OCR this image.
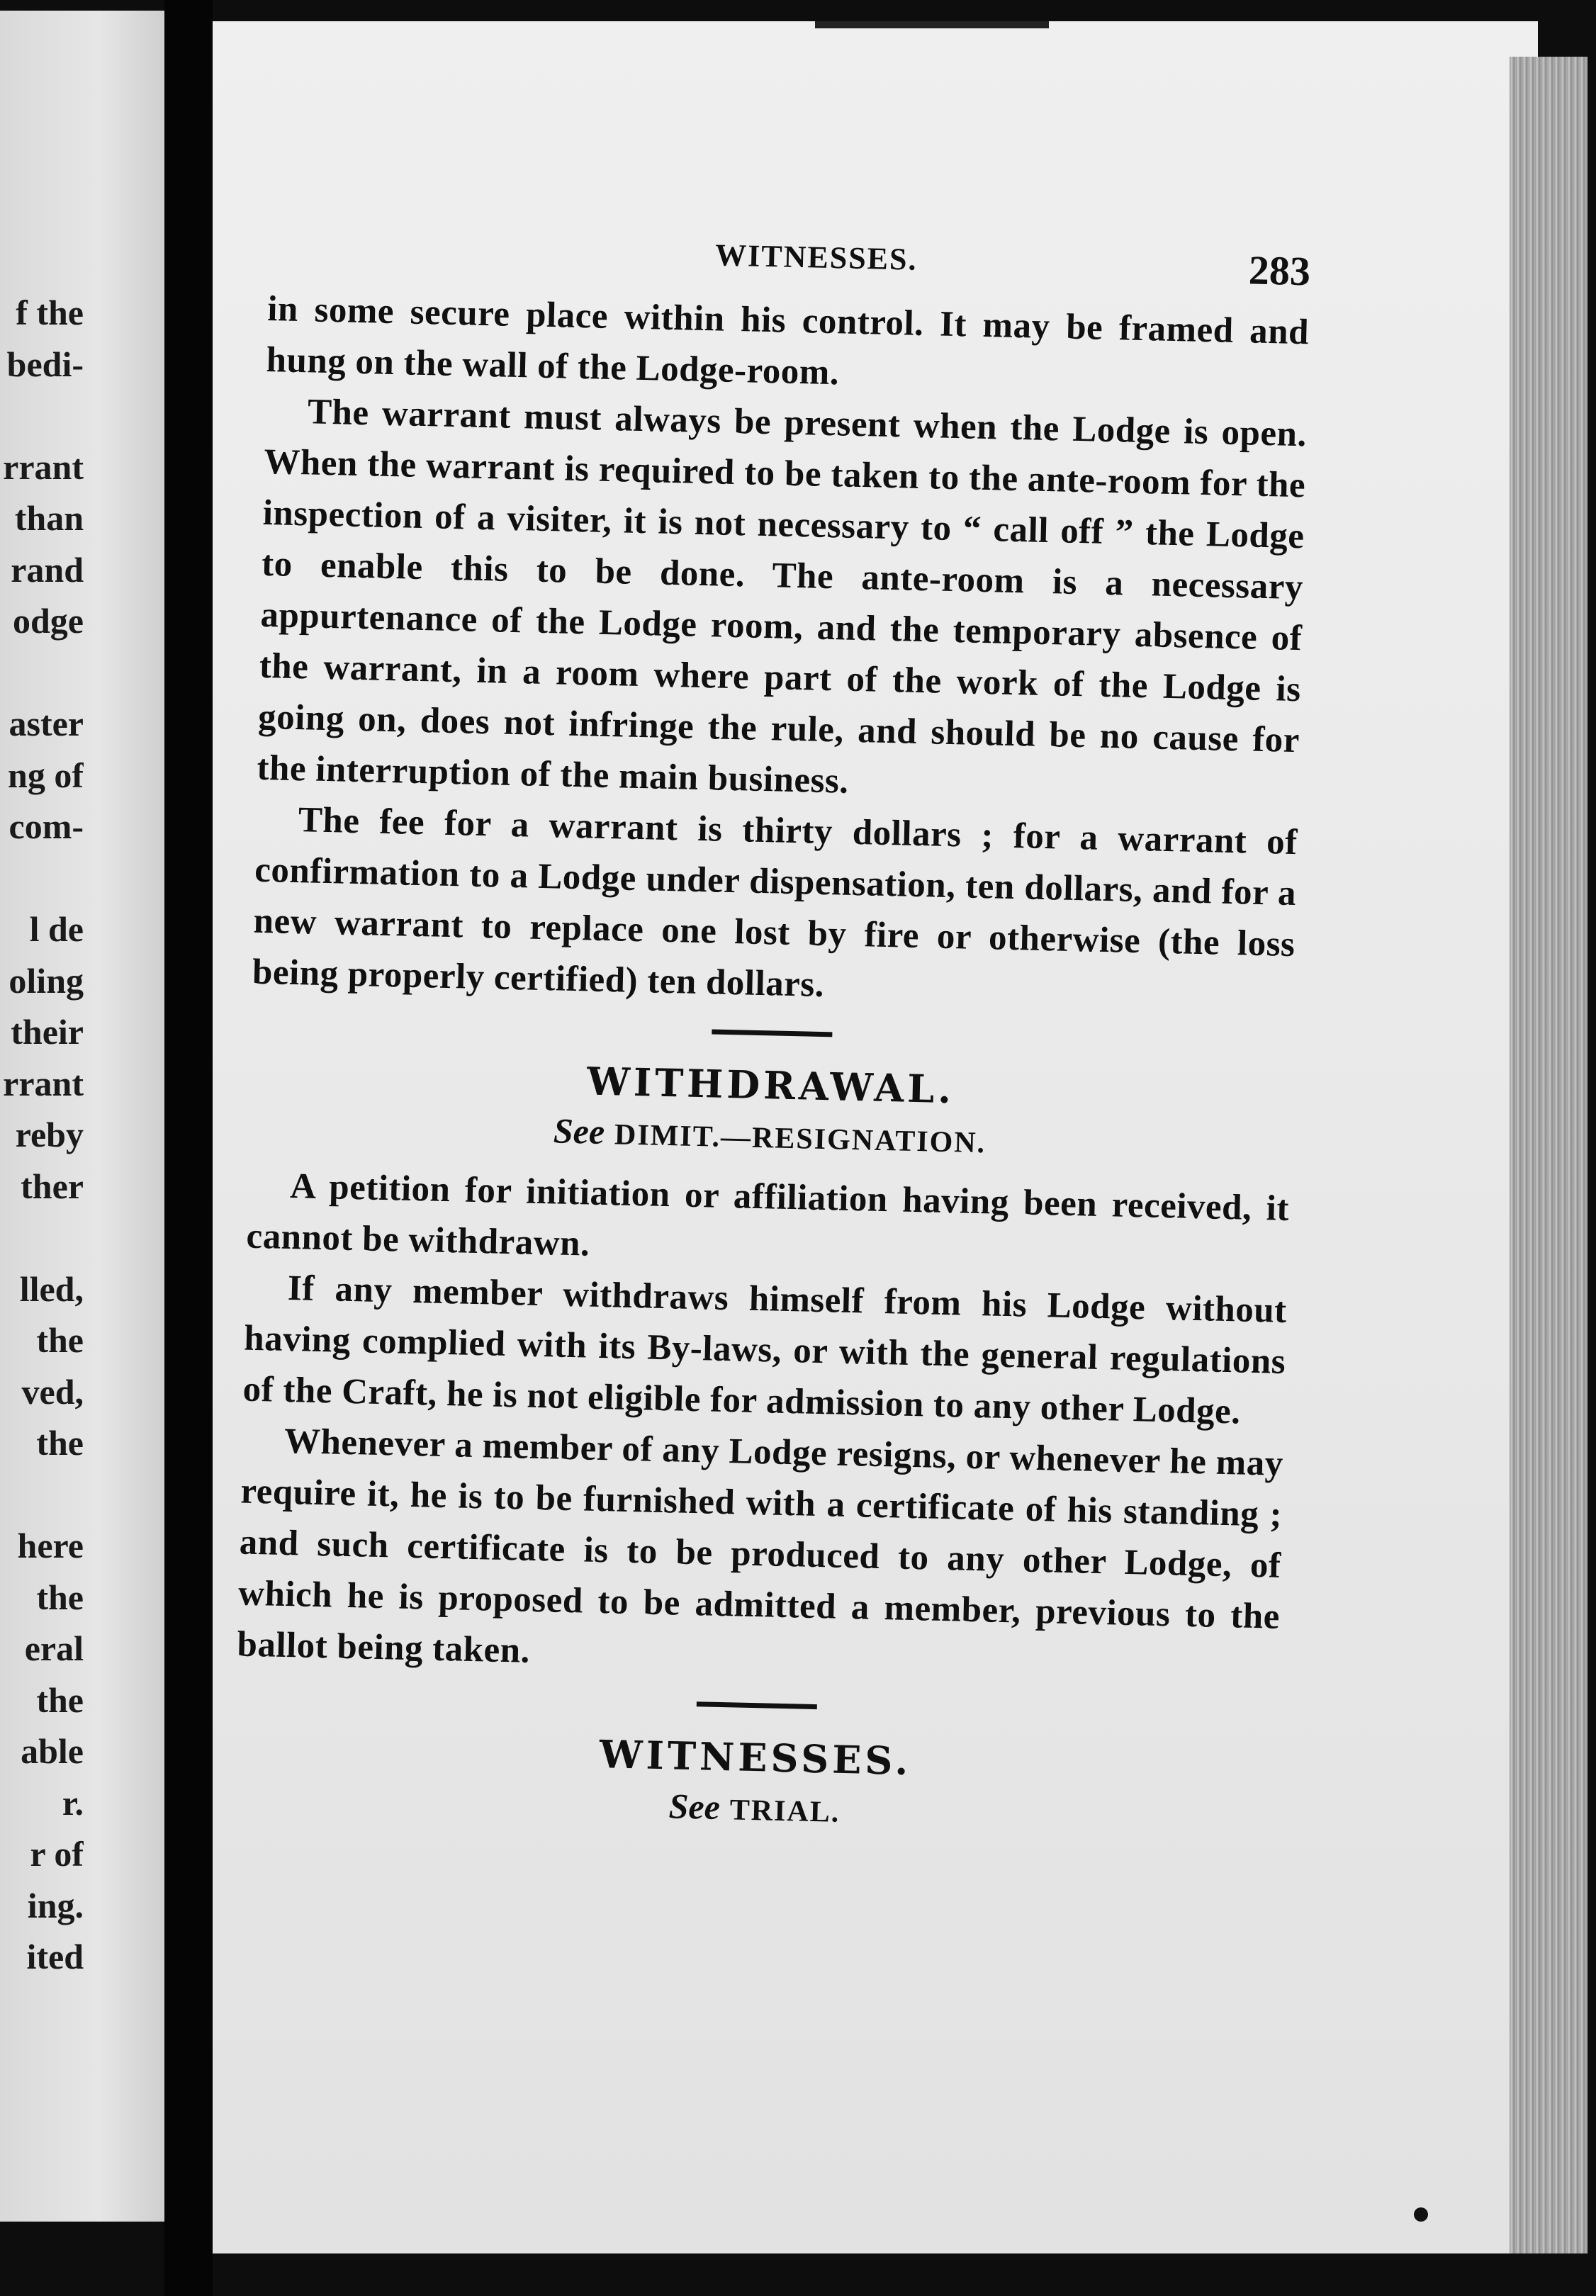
f the
bedi-
rrant
than
rand
odge
aster
ng of
com-
l de
oling
their
rrant
reby
ther
lled,
the
ved,
the
here
the
eral
the
able
r.
r of
ing.
ited
WITNESSES.	283

in some secure place within his control. It may be framed and hung on the wall of the Lodge-room.

The warrant must always be present when the Lodge is open. When the warrant is required to be taken to the ante-room for the inspection of a visiter, it is not necessary to “ call off ” the Lodge to enable this to be done. The ante-room is a necessary appurtenance of the Lodge room, and the temporary absence of the warrant, in a room where part of the work of the Lodge is going on, does not infringe the rule, and should be no cause for the interruption of the main business.

The fee for a warrant is thirty dollars ; for a warrant of confirmation to a Lodge under dispensation, ten dollars, and for a new warrant to replace one lost by fire or otherwise (the loss being properly certified) ten dollars.

WITHDRAWAL.
See DIMIT.—RESIGNATION.

A petition for initiation or affiliation having been received, it cannot be withdrawn.

If any member withdraws himself from his Lodge without having complied with its By-laws, or with the general regulations of the Craft, he is not eligible for admission to any other Lodge.

Whenever a member of any Lodge resigns, or whenever he may require it, he is to be furnished with a certificate of his standing ; and such certificate is to be produced to any other Lodge, of which he is proposed to be admitted a member, previous to the ballot being taken.

WITNESSES.
See TRIAL.
